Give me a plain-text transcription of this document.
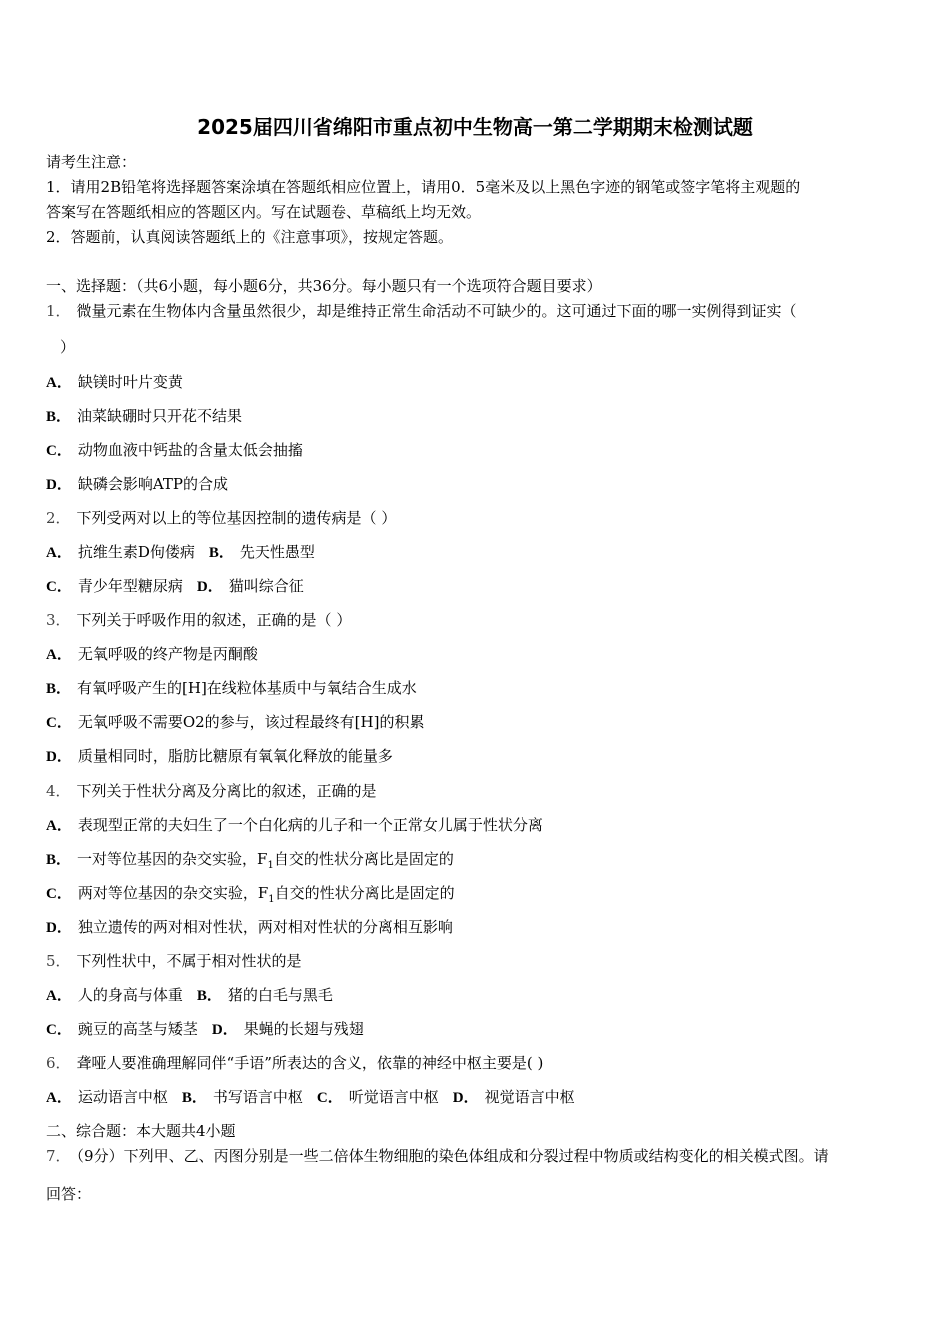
2025届四川省绵阳市重点初中生物高一第二学期期末检测试题
请考生注意：
1．请用2B铅笔将选择题答案涂填在答题纸相应位置上，请用0．5毫米及以上黑色字迹的钢笔或签字笔将主观题的
答案写在答题纸相应的答题区内。写在试题卷、草稿纸上均无效。
2．答题前，认真阅读答题纸上的《注意事项》，按规定答题。
一、选择题：（共6小题，每小题6分，共36分。每小题只有一个选项符合题目要求）
1． 微量元素在生物体内含量虽然很少，却是维持正常生命活动不可缺少的。这可通过下面的哪一实例得到证实（
）
A． 缺镁时叶片变黄
B． 油菜缺硼时只开花不结果
C． 动物血液中钙盐的含量太低会抽搐
D． 缺磷会影响ATP的合成
2． 下列受两对以上的等位基因控制的遗传病是（ ）
A． 抗维生素D佝偻病 B． 先天性愚型
C． 青少年型糖尿病 D． 猫叫综合征
3． 下列关于呼吸作用的叙述，正确的是（ ）
A． 无氧呼吸的终产物是丙酮酸
B． 有氧呼吸产生的[H]在线粒体基质中与氧结合生成水
C． 无氧呼吸不需要O2的参与，该过程最终有[H]的积累
D． 质量相同时，脂肪比糖原有氧氧化释放的能量多
4． 下列关于性状分离及分离比的叙述，正确的是
A． 表现型正常的夫妇生了一个白化病的儿子和一个正常女儿属于性状分离
B． 一对等位基因的杂交实验，$F_1$自交的性状分离比是固定的
C． 两对等位基因的杂交实验，$F_1$自交的性状分离比是固定的
D． 独立遗传的两对相对性状，两对相对性状的分离相互影响
5． 下列性状中，不属于相对性状的是
A． 人的身高与体重 B． 猪的白毛与黑毛
C． 豌豆的高茎与矮茎 D． 果蝇的长翅与残翅
6． 聋哑人要准确理解同伴“手语”所表达的含义，依靠的神经中枢主要是( )
A． 运动语言中枢 B． 书写语言中枢 C． 听觉语言中枢 D． 视觉语言中枢
二、综合题：本大题共4小题
7． （9分）下列甲、乙、丙图分别是一些二倍体生物细胞的染色体组成和分裂过程中物质或结构变化的相关模式图。请
回答：
